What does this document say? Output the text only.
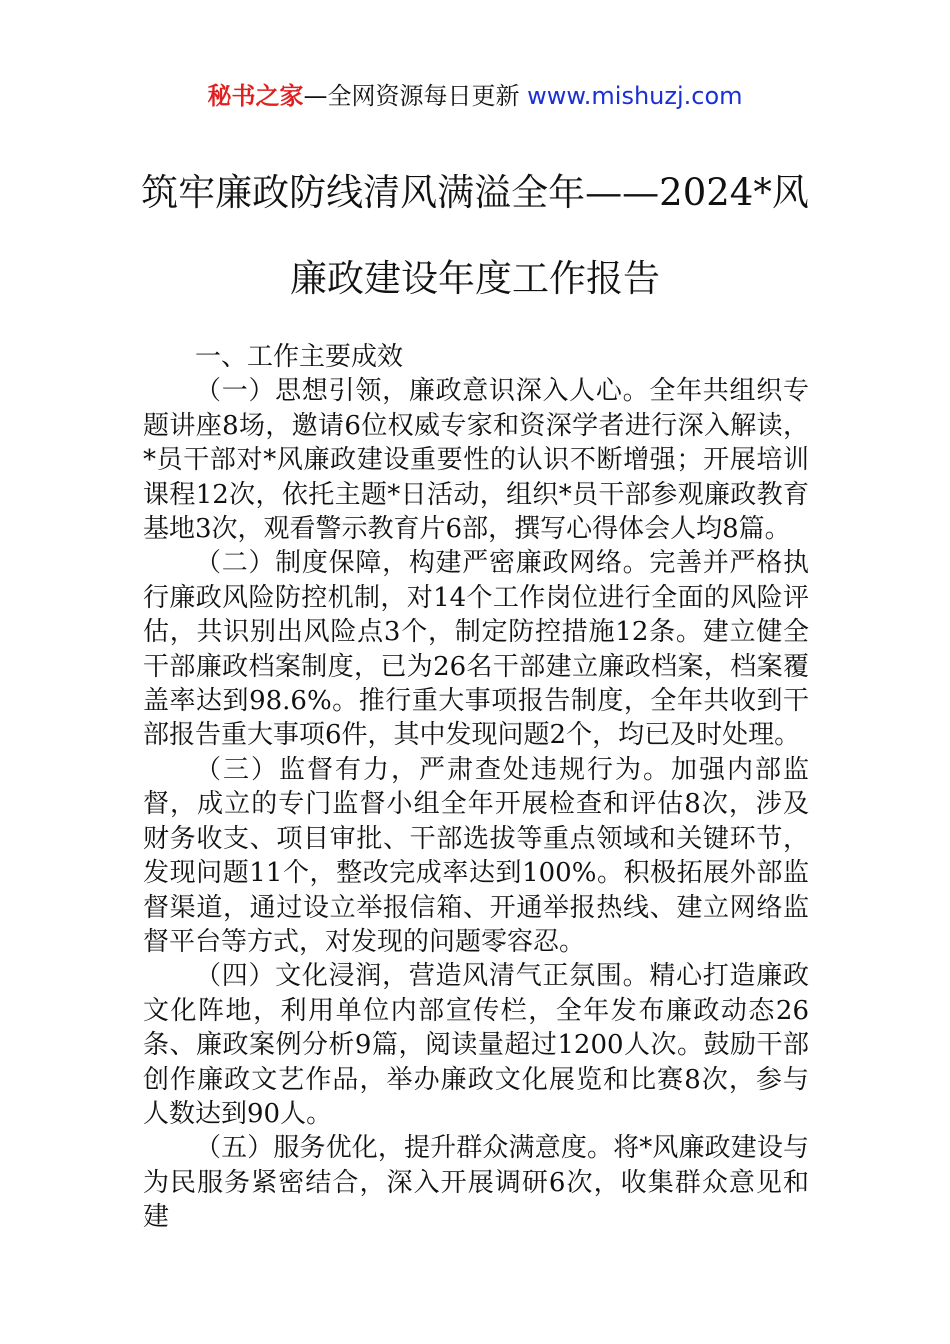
秘书之家—全网资源每日更新 www.mishuzj.com
筑牢廉政防线清风满溢全年——2024*风廉政建设年度工作报告

一、工作主要成效

（一）思想引领，廉政意识深入人心。全年共组织专题讲座8场，邀请6位权威专家和资深学者进行深入解读，*员干部对*风廉政建设重要性的认识不断增强；开展培训课程12次，依托主题*日活动，组织*员干部参观廉政教育基地3次，观看警示教育片6部，撰写心得体会人均8篇。

（二）制度保障，构建严密廉政网络。完善并严格执行廉政风险防控机制，对14个工作岗位进行全面的风险评估，共识别出风险点3个，制定防控措施12条。建立健全干部廉政档案制度，已为26名干部建立廉政档案，档案覆盖率达到98.6%。推行重大事项报告制度，全年共收到干部报告重大事项6件，其中发现问题2个，均已及时处理。

（三）监督有力，严肃查处违规行为。加强内部监督，成立的专门监督小组全年开展检查和评估8次，涉及财务收支、项目审批、干部选拔等重点领域和关键环节，发现问题11个，整改完成率达到100%。积极拓展外部监督渠道，通过设立举报信箱、开通举报热线、建立网络监督平台等方式，对发现的问题零容忍。

（四）文化浸润，营造风清气正氛围。精心打造廉政文化阵地，利用单位内部宣传栏，全年发布廉政动态26条、廉政案例分析9篇，阅读量超过1200人次。鼓励干部创作廉政文艺作品，举办廉政文化展览和比赛8次，参与人数达到90人。

（五）服务优化，提升群众满意度。将*风廉政建设与为民服务紧密结合，深入开展调研6次，收集群众意见和建
